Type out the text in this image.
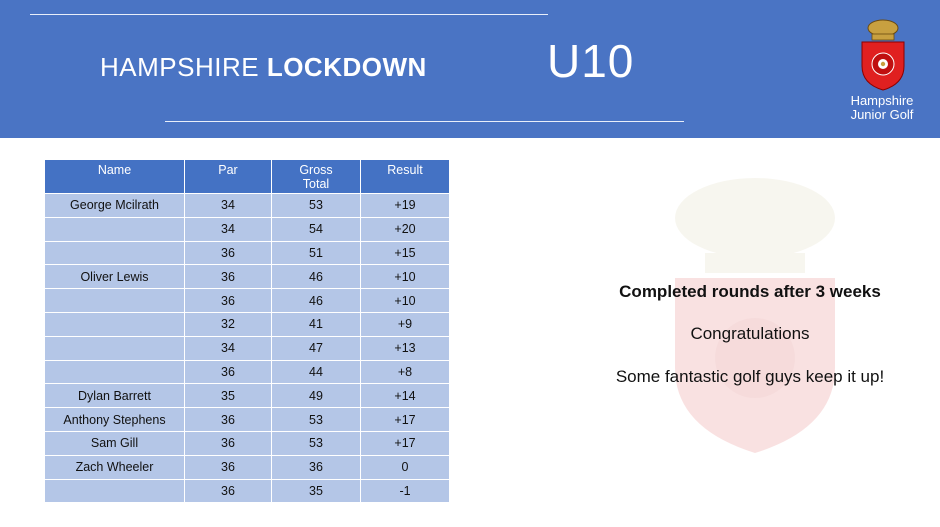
HAMPSHIRE LOCKDOWN	U10
Hampshire
Junior Golf
Name	Par	Gross Total	Result
George Mcilrath	34	53	+19
	34	54	+20
	36	51	+15
Oliver Lewis	36	46	+10
	36	46	+10
	32	41	+9
	34	47	+13
	36	44	+8
Dylan Barrett	35	49	+14
Anthony Stephens	36	53	+17
Sam Gill	36	53	+17
Zach Wheeler	36	36	0
	36	35	-1
Completed rounds after 3 weeks
Congratulations
Some fantastic golf guys keep it up!
